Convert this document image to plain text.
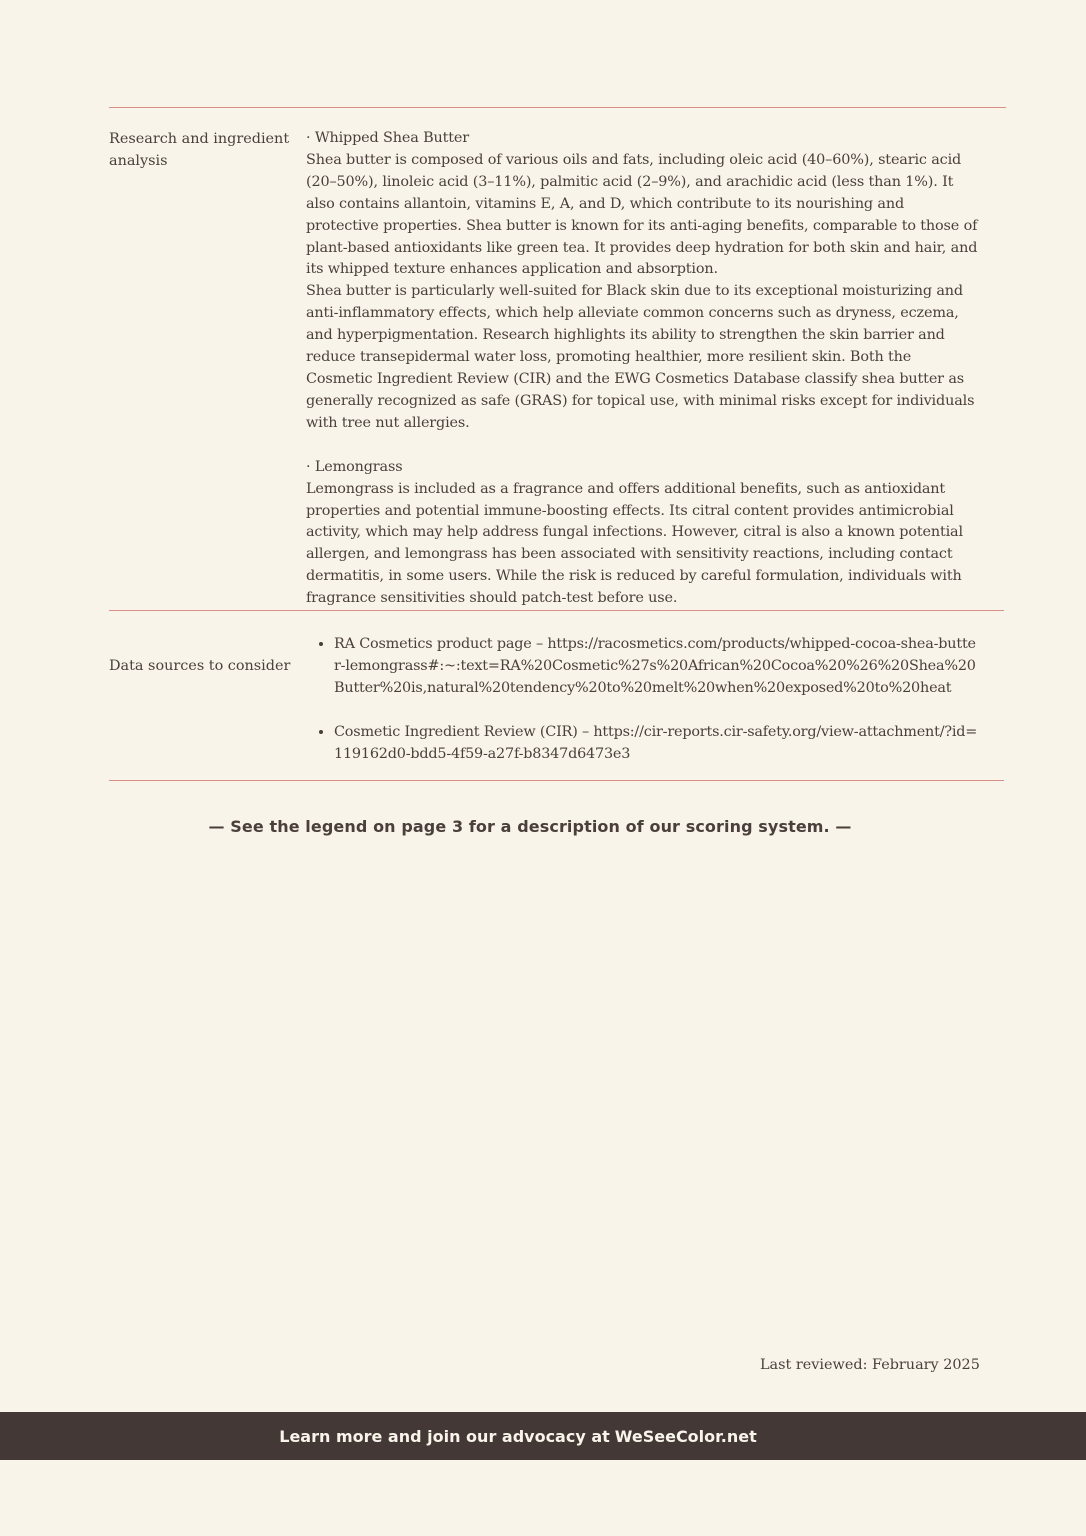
Research and ingredient analysis

· Whipped Shea Butter

Shea butter is composed of various oils and fats, including oleic acid (40–60%), stearic acid (20–50%), linoleic acid (3–11%), palmitic acid (2–9%), and arachidic acid (less than 1%). It also contains allantoin, vitamins E, A, and D, which contribute to its nourishing and protective properties. Shea butter is known for its anti-aging benefits, comparable to those of plant-based antioxidants like green tea. It provides deep hydration for both skin and hair, and its whipped texture enhances application and absorption.

Shea butter is particularly well-suited for Black skin due to its exceptional moisturizing and anti-inflammatory effects, which help alleviate common concerns such as dryness, eczema, and hyperpigmentation. Research highlights its ability to strengthen the skin barrier and reduce transepidermal water loss, promoting healthier, more resilient skin. Both the Cosmetic Ingredient Review (CIR) and the EWG Cosmetics Database classify shea butter as generally recognized as safe (GRAS) for topical use, with minimal risks except for individuals with tree nut allergies.

· Lemongrass

Lemongrass is included as a fragrance and offers additional benefits, such as antioxidant properties and potential immune-boosting effects. Its citral content provides antimicrobial activity, which may help address fungal infections. However, citral is also a known potential allergen, and lemongrass has been associated with sensitivity reactions, including contact dermatitis, in some users. While the risk is reduced by careful formulation, individuals with fragrance sensitivities should patch-test before use.

Data sources to consider
• RA Cosmetics product page – https://racosmetics.com/products/whipped-cocoa-shea-butter-lemongrass#:~:text=RA%20Cosmetic%27s%20African%20Cocoa%20%26%20Shea%20Butter%20is,natural%20tendency%20to%20melt%20when%20exposed%20to%20heat
• Cosmetic Ingredient Review (CIR) – https://cir-reports.cir-safety.org/view-attachment/?id=119162d0-bdd5-4f59-a27f-b8347d6473e3
— See the legend on page 3 for a description of our scoring system. —
Last reviewed: February 2025
Learn more and join our advocacy at WeSeeColor.net
